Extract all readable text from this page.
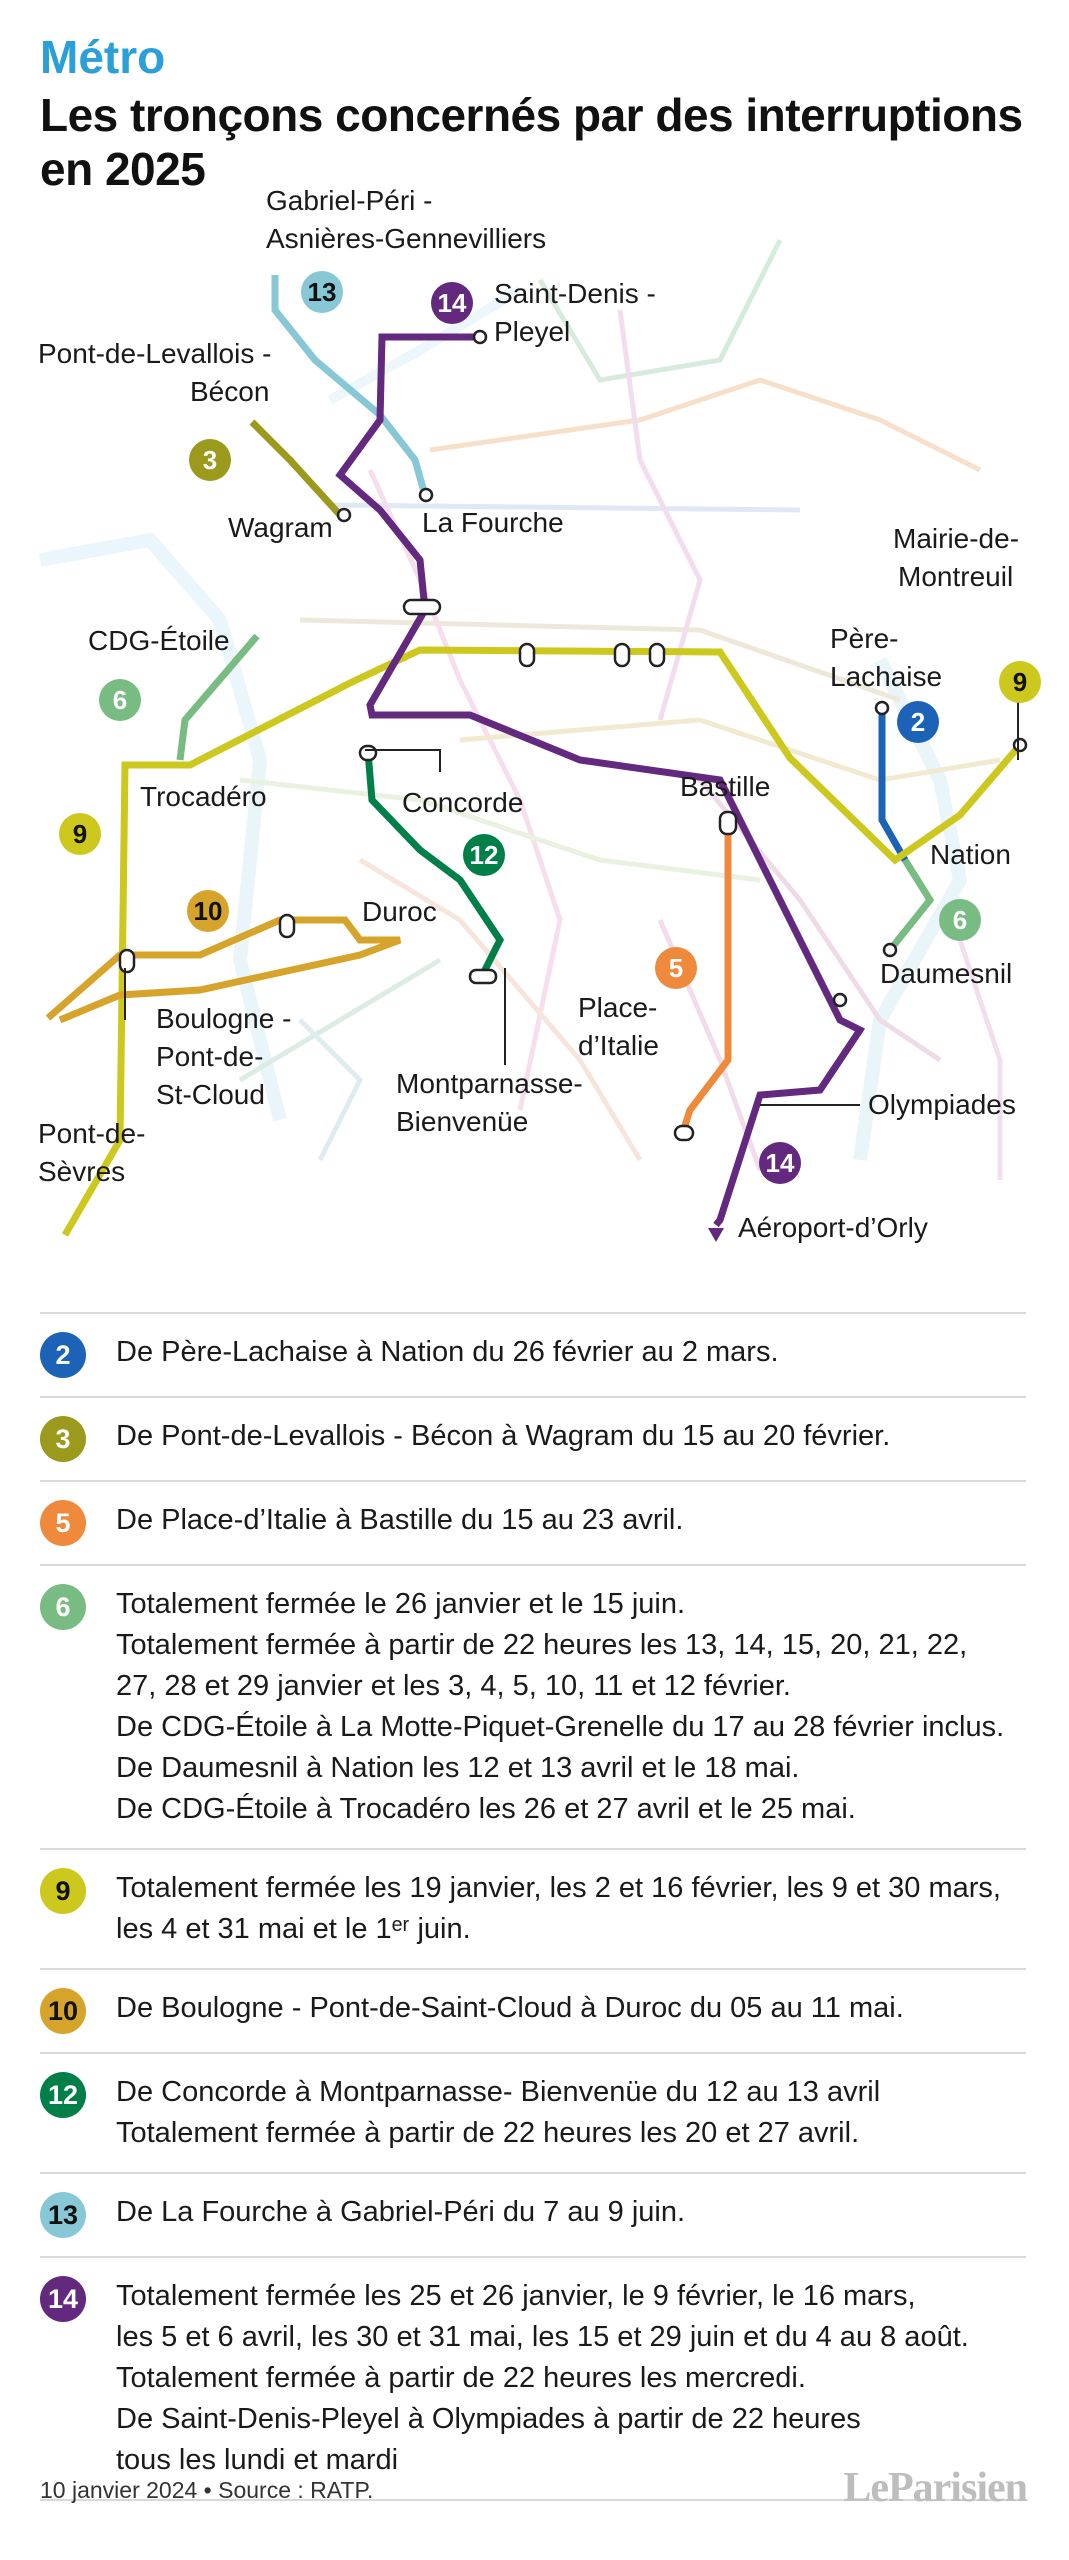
Métro
Les tronçons concernés par des interruptions en 2025
Gabriel-Péri -
Asnières-Gennevilliers
Saint-Denis -
Pleyel
Pont-de-Levallois -
Bécon
Wagram	La Fourche
Mairie-de-
Montreuil
CDG-Étoile	Père-
Lachaise
Trocadéro	Concorde
Bastille
Nation
Duroc
Daumesnil
Boulogne -
Pont-de-
St-Cloud
Place-
d’Italie
Montparnasse-
Bienvenüe
Olympiades
Pont-de-
Sèvres
Aéroport-d’Orly
13	14
3
6
9
2
9
12
10
5
6
14
2	De Père-Lachaise à Nation du 26 février au 2 mars.
3	De Pont-de-Levallois - Bécon à Wagram du 15 au 20 février.
5	De Place-d’Italie à Bastille du 15 au 23 avril.
6	Totalement fermée le 26 janvier et le 15 juin.
Totalement fermée à partir de 22 heures les 13, 14, 15, 20, 21, 22,
27, 28 et 29 janvier et les 3, 4, 5, 10, 11 et 12 février.
De CDG-Étoile à La Motte-Piquet-Grenelle du 17 au 28 février inclus.
De Daumesnil à Nation les 12 et 13 avril et le 18 mai.
De CDG-Étoile à Trocadéro les 26 et 27 avril et le 25 mai.
9	Totalement fermée les 19 janvier, les 2 et 16 février, les 9 et 30 mars,
les 4 et 31 mai et le 1ᵉʳ juin.
10 De Boulogne - Pont-de-Saint-Cloud à Duroc du 05 au 11 mai.
12 De Concorde à Montparnasse- Bienvenüe du 12 au 13 avril
Totalement fermée à partir de 22 heures les 20 et 27 avril.
13 De La Fourche à Gabriel-Péri du 7 au 9 juin.
14 Totalement fermée les 25 et 26 janvier, le 9 février, le 16 mars,
les 5 et 6 avril, les 30 et 31 mai, les 15 et 29 juin et du 4 au 8 août.
Totalement fermée à partir de 22 heures les mercredi.
De Saint-Denis-Pleyel à Olympiades à partir de 22 heures
tous les lundi et mardi
10 janvier 2024 • Source : RATP.	LeParisien
